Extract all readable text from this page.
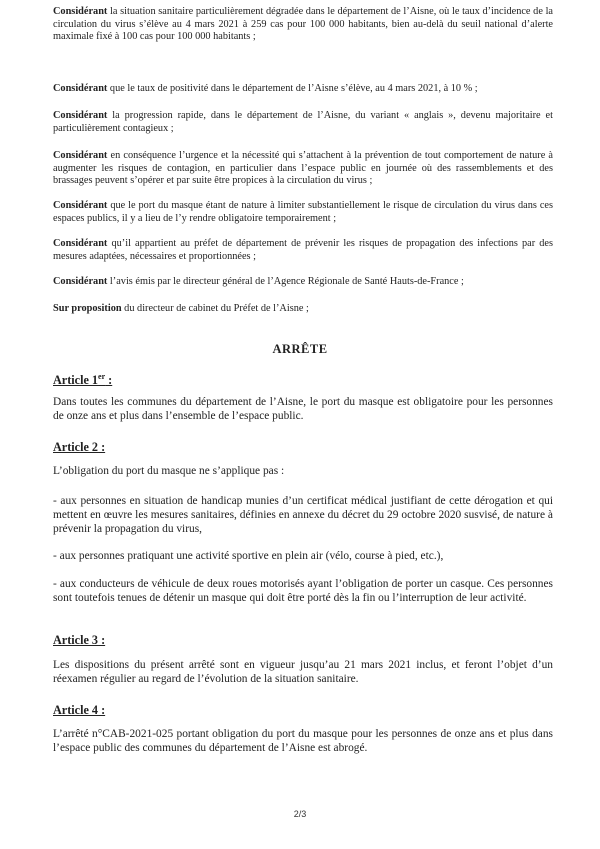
Considérant la situation sanitaire particulièrement dégradée dans le département de l’Aisne, où le taux d’incidence de la circulation du virus s’élève au 4 mars 2021 à 259 cas pour 100 000 habitants, bien au-delà du seuil national d’alerte maximale fixé à 100 cas pour 100 000 habitants ;

Considérant que le taux de positivité dans le département de l’Aisne s’élève, au 4 mars 2021, à 10 % ;

Considérant la progression rapide, dans le département de l’Aisne, du variant « anglais », devenu majoritaire et particulièrement contagieux ;

Considérant en conséquence l’urgence et la nécessité qui s’attachent à la prévention de tout comportement de nature à augmenter les risques de contagion, en particulier dans l’espace public en journée où des rassemblements et des brassages peuvent s’opérer et par suite être propices à la circulation du virus ;

Considérant que le port du masque étant de nature à limiter substantiellement le risque de circulation du virus dans ces espaces publics, il y a lieu de l’y rendre obligatoire temporairement ;

Considérant qu’il appartient au préfet de département de prévenir les risques de propagation des infections par des mesures adaptées, nécessaires et proportionnées ;

Considérant l’avis émis par le directeur général de l’Agence Régionale de Santé Hauts-de-France ;

Sur proposition du directeur de cabinet du Préfet de l’Aisne ;

ARRÊTE
Article 1er :

Dans toutes les communes du département de l’Aisne, le port du masque est obligatoire pour les personnes de onze ans et plus dans l’ensemble de l’espace public.

Article 2 :

L’obligation du port du masque ne s’applique pas :

- aux personnes en situation de handicap munies d’un certificat médical justifiant de cette dérogation et qui mettent en œuvre les mesures sanitaires, définies en annexe du décret du 29 octobre 2020 susvisé, de nature à prévenir la propagation du virus,

- aux personnes pratiquant une activité sportive en plein air (vélo, course à pied, etc.),

- aux conducteurs de véhicule de deux roues motorisés ayant l’obligation de porter un casque. Ces personnes sont toutefois tenues de détenir un masque qui doit être porté dès la fin ou l’interruption de leur activité.

Article 3 :

Les dispositions du présent arrêté sont en vigueur jusqu’au 21 mars 2021 inclus, et feront l’objet d’un réexamen régulier au regard de l’évolution de la situation sanitaire.

Article 4 :

L’arrêté n°CAB-2021-025 portant obligation du port du masque pour les personnes de onze ans et plus dans l’espace public des communes du département de l’Aisne est abrogé.

2/3
